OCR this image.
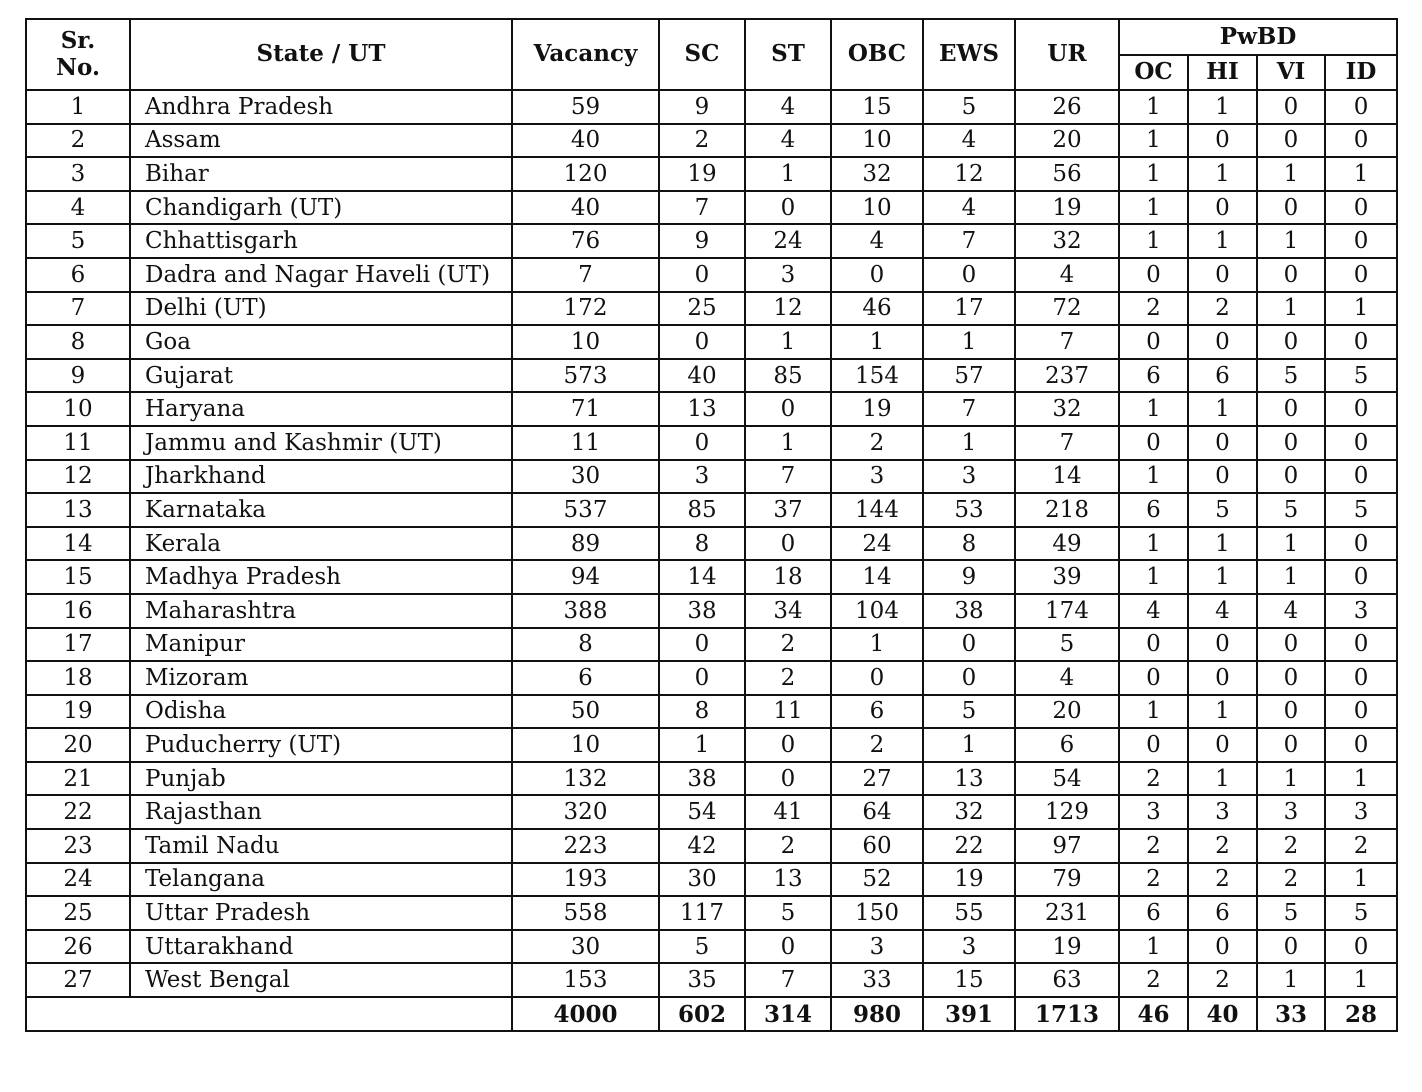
Sr.
No.	State / UT	Vacancy	SC	ST	OBC	EWS	UR	PwBD			
								OC	HI	VI	ID
1	Andhra Pradesh	59	9	4	15	5	26	1	1	0	0
2	Assam	40	2	4	10	4	20	1	0	0	0
3	Bihar	120	19	1	32	12	56	1	1	1	1
4	Chandigarh (UT)	40	7	0	10	4	19	1	0	0	0
5	Chhattisgarh	76	9	24	4	7	32	1	1	1	0
6	Dadra and Nagar Haveli (UT)	7	0	3	0	0	4	0	0	0	0
7	Delhi (UT)	172	25	12	46	17	72	2	2	1	1
8	Goa	10	0	1	1	1	7	0	0	0	0
9	Gujarat	573	40	85	154	57	237	6	6	5	5
10	Haryana	71	13	0	19	7	32	1	1	0	0
11	Jammu and Kashmir (UT)	11	0	1	2	1	7	0	0	0	0
12	Jharkhand	30	3	7	3	3	14	1	0	0	0
13	Karnataka	537	85	37	144	53	218	6	5	5	5
14	Kerala	89	8	0	24	8	49	1	1	1	0
15	Madhya Pradesh	94	14	18	14	9	39	1	1	1	0
16	Maharashtra	388	38	34	104	38	174	4	4	4	3
17	Manipur	8	0	2	1	0	5	0	0	0	0
18	Mizoram	6	0	2	0	0	4	0	0	0	0
19	Odisha	50	8	11	6	5	20	1	1	0	0
20	Puducherry (UT)	10	1	0	2	1	6	0	0	0	0
21	Punjab	132	38	0	27	13	54	2	1	1	1
22	Rajasthan	320	54	41	64	32	129	3	3	3	3
23	Tamil Nadu	223	42	2	60	22	97	2	2	2	2
24	Telangana	193	30	13	52	19	79	2	2	2	1
25	Uttar Pradesh	558	117	5	150	55	231	6	6	5	5
26	Uttarakhand	30	5	0	3	3	19	1	0	0	0
27	West Bengal	153	35	7	33	15	63	2	2	1	1
		4000	602	314	980	391	1713	46	40	33	28
